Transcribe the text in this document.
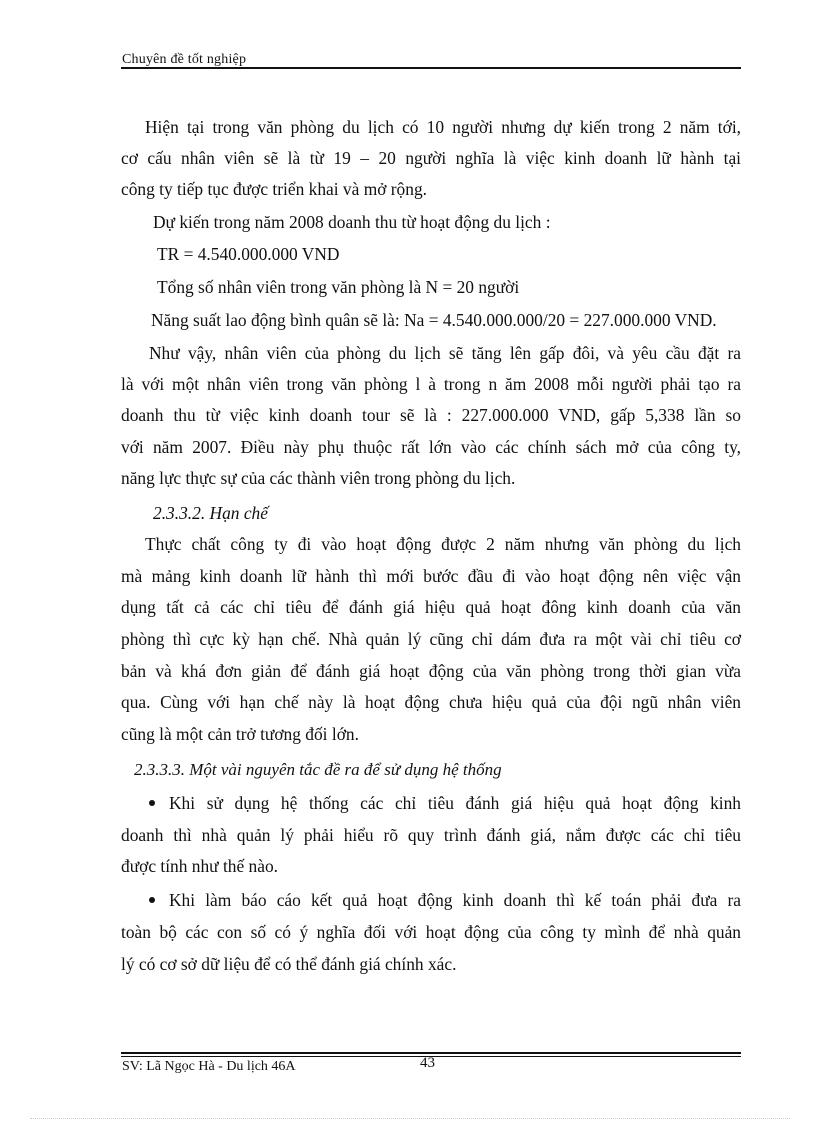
Chuyên đề tốt nghiệp
Hiện tại trong văn phòng du lịch có 10 người nhưng dự kiến trong 2 năm tới,
cơ cấu nhân viên sẽ là từ 19 – 20 người nghĩa là việc kinh doanh lữ hành tại
công ty tiếp tục được triển khai và mở rộng.
Dự kiến trong năm 2008 doanh thu từ hoạt động du lịch :
TR = 4.540.000.000 VND
Tổng số nhân viên trong văn phòng là N = 20 người
Năng suất lao động bình quân sẽ là: Na = 4.540.000.000/20 = 227.000.000 VND.
Như vậy, nhân viên của phòng du lịch sẽ tăng lên gấp đôi, và yêu cầu đặt ra
là với một nhân viên trong văn phòng l à trong n ăm 2008 mỗi người phải tạo ra
doanh thu từ việc kinh doanh tour sẽ là : 227.000.000 VND, gấp 5,338 lần so
với năm 2007. Điều này phụ thuộc rất lớn vào các chính sách mở của công ty,
năng lực thực sự của các thành viên trong phòng du lịch.
2.3.3.2. Hạn chế
Thực chất công ty đi vào hoạt động được 2 năm nhưng văn phòng du lịch
mà mảng kinh doanh lữ hành thì mới bước đầu đi vào hoạt động nên việc vận
dụng tất cả các chỉ tiêu để đánh giá hiệu quả hoạt đông kinh doanh của văn
phòng thì cực kỳ hạn chế. Nhà quản lý cũng chỉ dám đưa ra một vài chỉ tiêu cơ
bản và khá đơn giản để đánh giá hoạt động của văn phòng trong thời gian vừa
qua. Cùng với hạn chế này là hoạt động chưa hiệu quả của đội ngũ nhân viên
cũng là một cản trở tương đối lớn.
2.3.3.3. Một vài nguyên tắc đề ra để sử dụng hệ thống
Khi sử dụng hệ thống các chỉ tiêu đánh giá hiệu quả hoạt động kinh
doanh thì nhà quản lý phải hiểu rõ quy trình đánh giá, nắm được các chỉ tiêu
được tính như thế nào.
Khi làm báo cáo kết quả hoạt động kinh doanh thì kế toán phải đưa ra
toàn bộ các con số có ý nghĩa đối với hoạt động của công ty mình để nhà quản
lý có cơ sở dữ liệu để có thể đánh giá chính xác.
SV: Lã Ngọc Hà - Du lịch 46A	43
